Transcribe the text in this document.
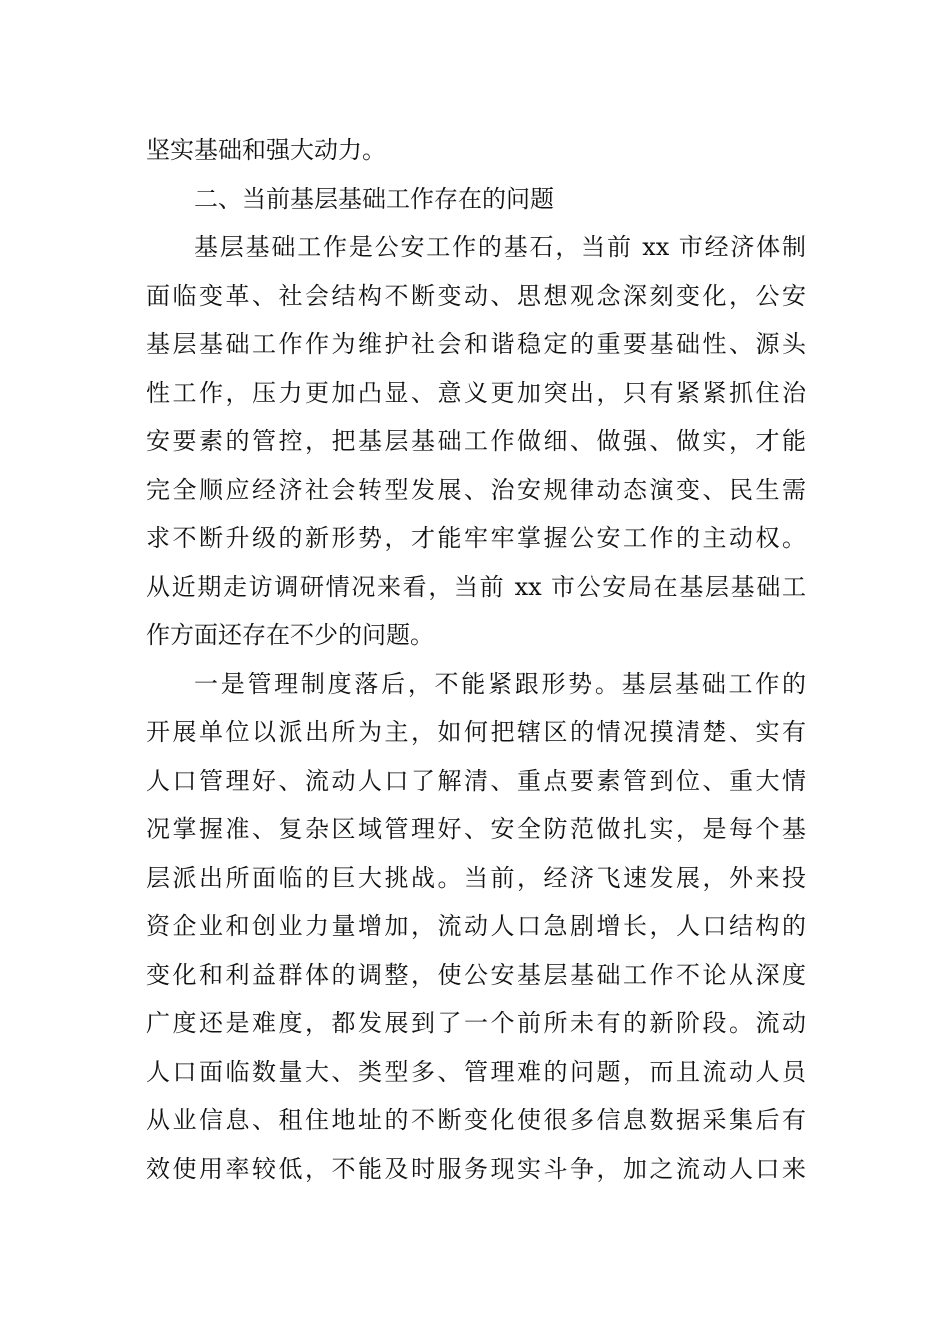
坚实基础和强大动力。
二、当前基层基础工作存在的问题
基层基础工作是公安工作的基石，当前 xx 市经济体制
面临变革、社会结构不断变动、思想观念深刻变化，公安
基层基础工作作为维护社会和谐稳定的重要基础性、源头
性工作，压力更加凸显、意义更加突出，只有紧紧抓住治
安要素的管控，把基层基础工作做细、做强、做实，才能
完全顺应经济社会转型发展、治安规律动态演变、民生需
求不断升级的新形势，才能牢牢掌握公安工作的主动权。
从近期走访调研情况来看，当前 xx 市公安局在基层基础工
作方面还存在不少的问题。
一是管理制度落后，不能紧跟形势。基层基础工作的
开展单位以派出所为主，如何把辖区的情况摸清楚、实有
人口管理好、流动人口了解清、重点要素管到位、重大情
况掌握准、复杂区域管理好、安全防范做扎实，是每个基
层派出所面临的巨大挑战。当前，经济飞速发展，外来投
资企业和创业力量增加，流动人口急剧增长，人口结构的
变化和利益群体的调整，使公安基层基础工作不论从深度
广度还是难度，都发展到了一个前所未有的新阶段。流动
人口面临数量大、类型多、管理难的问题，而且流动人员
从业信息、租住地址的不断变化使很多信息数据采集后有
效使用率较低，不能及时服务现实斗争，加之流动人口来
